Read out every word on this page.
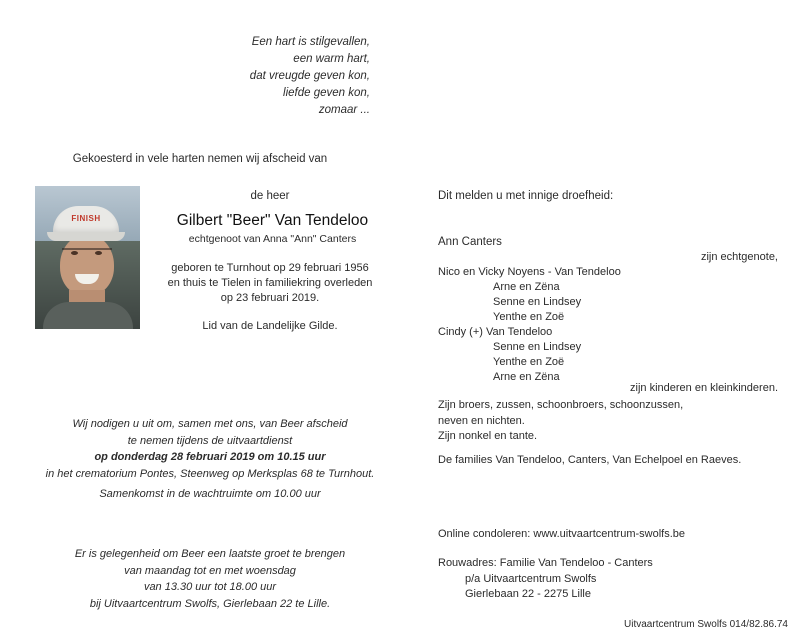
Een hart is stilgevallen,
een warm hart,
dat vreugde geven kon,
liefde geven kon,
zomaar ...
Gekoesterd in vele harten nemen wij afscheid van
FINISH
de heer
Gilbert "Beer" Van Tendeloo
echtgenoot van Anna "Ann" Canters
geboren te Turnhout op 29 februari 1956
en thuis te Tielen in familiekring overleden
op 23 februari 2019.
Lid van de Landelijke Gilde.
Wij nodigen u uit om, samen met ons, van Beer afscheid
te nemen tijdens de uitvaartdienst
op donderdag 28 februari 2019 om 10.15 uur
in het crematorium Pontes, Steenweg op Merksplas 68 te Turnhout.
Samenkomst in de wachtruimte om 10.00 uur
Er is gelegenheid om Beer een laatste groet te brengen
van maandag tot en met woensdag
van 13.30 uur tot 18.00 uur
bij Uitvaartcentrum Swolfs, Gierlebaan 22 te Lille.
Dit melden u met innige droefheid:
Ann Canters
zijn echtgenote,
Nico en Vicky Noyens - Van Tendeloo
Arne en Zëna
Senne en Lindsey
Yenthe en Zoë
Cindy (+) Van Tendeloo
Senne en Lindsey
Yenthe en Zoë
Arne en Zëna
zijn kinderen en kleinkinderen.
Zijn broers, zussen, schoonbroers, schoonzussen,
neven en nichten.
Zijn nonkel en tante.
De families Van Tendeloo, Canters, Van Echelpoel en Raeves.
Online condoleren: www.uitvaartcentrum-swolfs.be
Rouwadres: Familie Van Tendeloo - Canters
p/a Uitvaartcentrum Swolfs
Gierlebaan 22 - 2275 Lille
Uitvaartcentrum Swolfs 014/82.86.74
